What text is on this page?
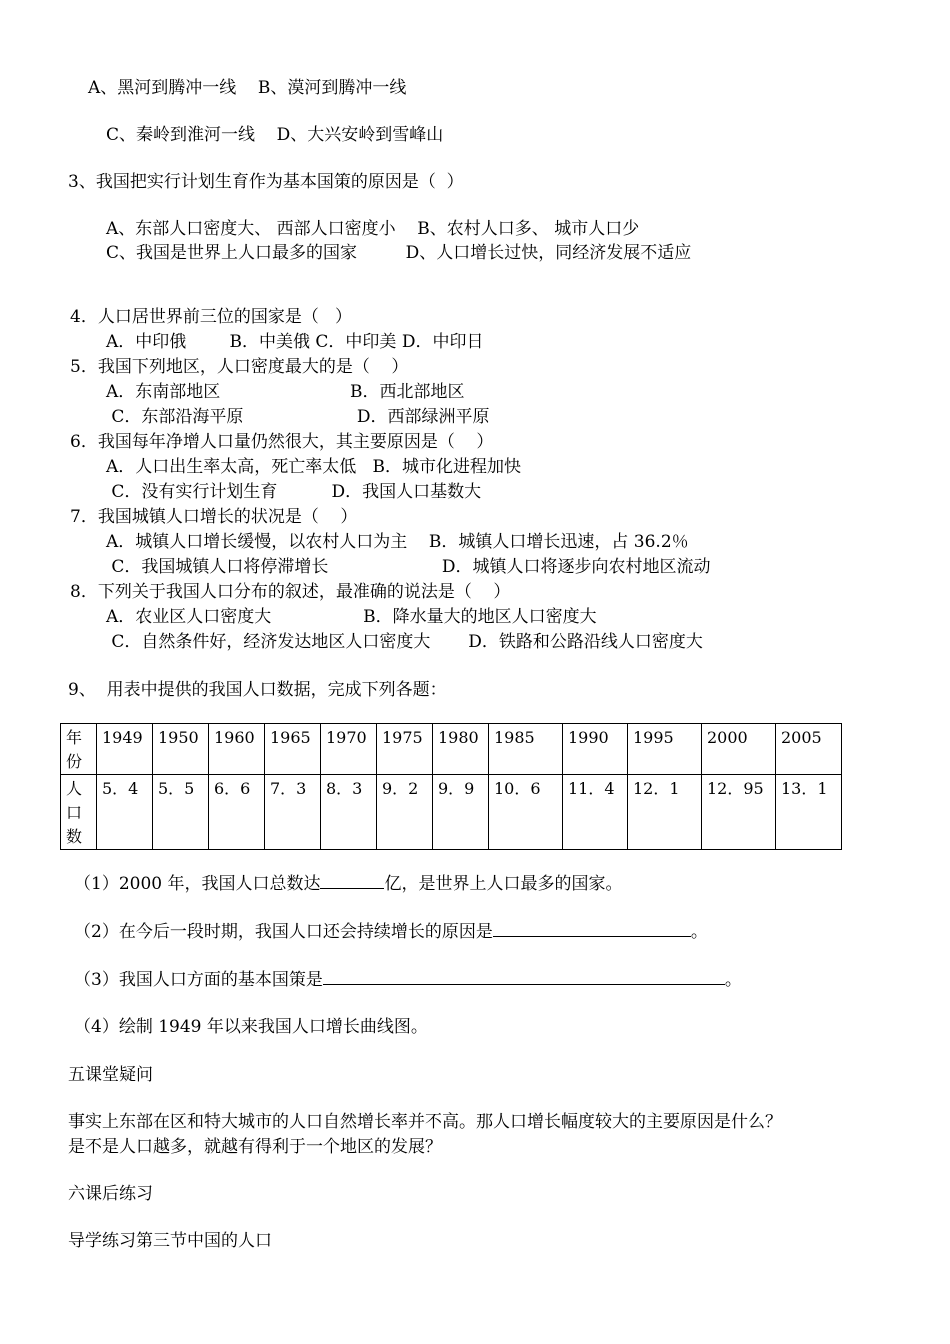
A、黑河到腾冲一线    B、漠河到腾冲一线
C、秦岭到淮河一线    D、大兴安岭到雪峰山
3、我国把实行计划生育作为基本国策的原因是（  ）
A、东部人口密度大、 西部人口密度小    B、农村人口多、 城市人口少
C、我国是世界上人口最多的国家         D、人口增长过快，同经济发展不适应
4．人口居世界前三位的国家是（   ）
A．中印俄        B．中美俄 C．中印美 D．中印日
5．我国下列地区，人口密度最大的是（    ）
A．东南部地区                        B．西北部地区
C．东部沿海平原                     D．西部绿洲平原
6．我国每年净增人口量仍然很大，其主要原因是（    ）
A．人口出生率太高，死亡率太低   B．城市化进程加快
C．没有实行计划生育          D．我国人口基数大
7．我国城镇人口增长的状况是（    ）
A．城镇人口增长缓慢，以农村人口为主    B．城镇人口增长迅速，占 36.2％
C．我国城镇人口将停滞增长                     D．城镇人口将逐步向农村地区流动
8．下列关于我国人口分布的叙述，最准确的说法是（    ）
A．农业区人口密度大                 B．降水量大的地区人口密度大
C．自然条件好，经济发达地区人口密度大       D．铁路和公路沿线人口密度大
9、  用表中提供的我国人口数据，完成下列各题：
年
份	1949	1950	1960	1965	1970	1975	1980	1985	1990	1995	2000	2005

人
口
数	5．4	5．5	6．6	7．3	8．3	9．2	9．9	10．6	11．4	12．1	12．95	13．1
（1）2000 年，我国人口总数达	亿，是世界上人口最多的国家。
（2）在今后一段时期，我国人口还会持续增长的原因是	。
（3）我国人口方面的基本国策是	。
（4）绘制 1949 年以来我国人口增长曲线图。
五课堂疑问
事实上东部在区和特大城市的人口自然增长率并不高。那人口增长幅度较大的主要原因是什么？
是不是人口越多，就越有得利于一个地区的发展？
六课后练习
导学练习第三节中国的人口
